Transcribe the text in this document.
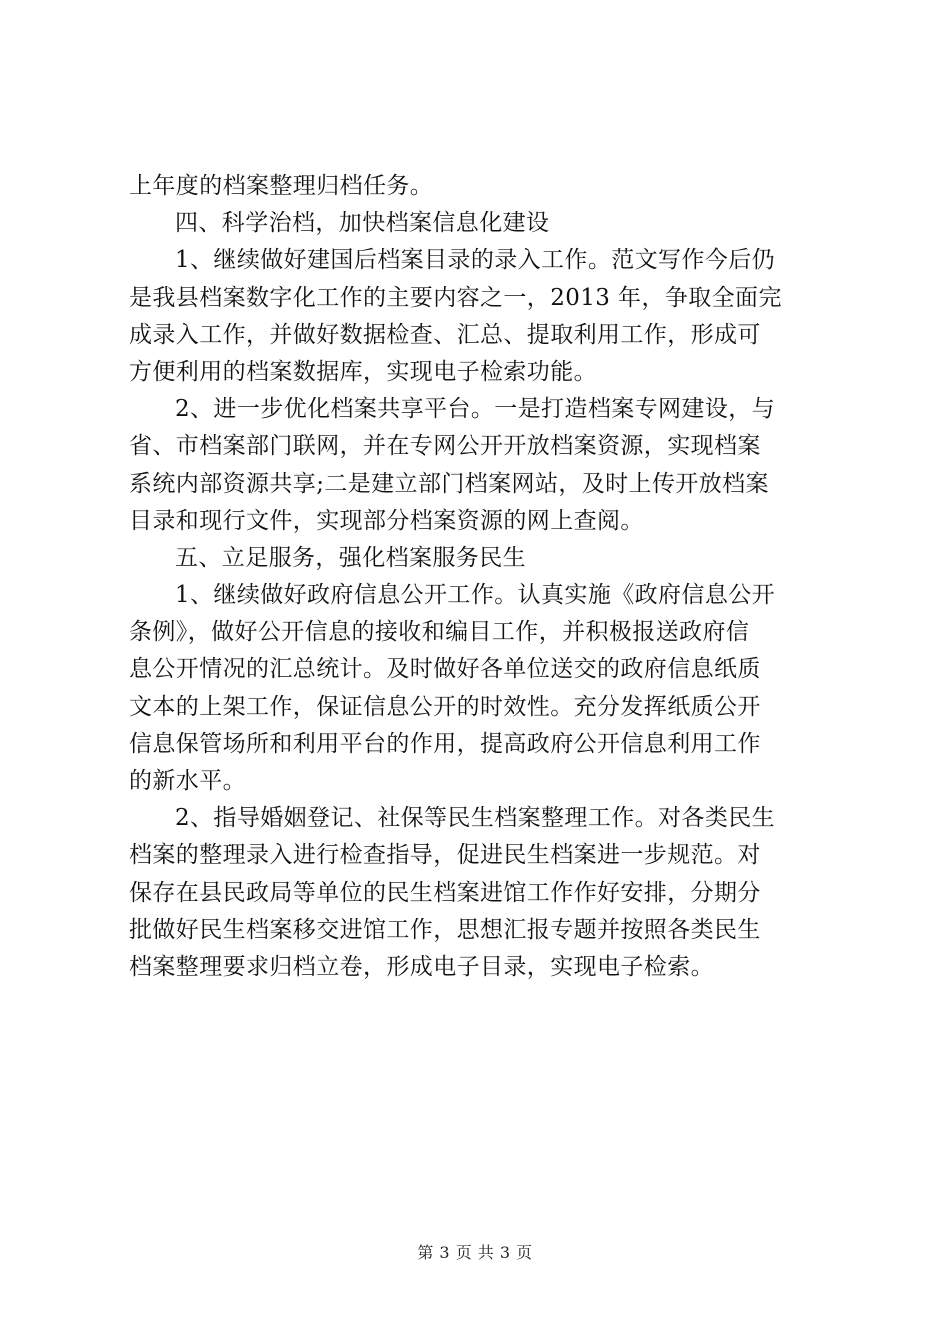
上年度的档案整理归档任务。
四、科学治档，加快档案信息化建设
1、继续做好建国后档案目录的录入工作。范文写作今后仍
是我县档案数字化工作的主要内容之一，2013 年，争取全面完
成录入工作，并做好数据检查、汇总、提取利用工作，形成可
方便利用的档案数据库，实现电子检索功能。
2、进一步优化档案共享平台。一是打造档案专网建设，与
省、市档案部门联网，并在专网公开开放档案资源，实现档案
系统内部资源共享;二是建立部门档案网站，及时上传开放档案
目录和现行文件，实现部分档案资源的网上查阅。
五、立足服务，强化档案服务民生
1、继续做好政府信息公开工作。认真实施《政府信息公开
条例》，做好公开信息的接收和编目工作，并积极报送政府信
息公开情况的汇总统计。及时做好各单位送交的政府信息纸质
文本的上架工作，保证信息公开的时效性。充分发挥纸质公开
信息保管场所和利用平台的作用，提高政府公开信息利用工作
的新水平。
2、指导婚姻登记、社保等民生档案整理工作。对各类民生
档案的整理录入进行检查指导，促进民生档案进一步规范。对
保存在县民政局等单位的民生档案进馆工作作好安排，分期分
批做好民生档案移交进馆工作，思想汇报专题并按照各类民生
档案整理要求归档立卷，形成电子目录，实现电子检索。
第 3 页 共 3 页
